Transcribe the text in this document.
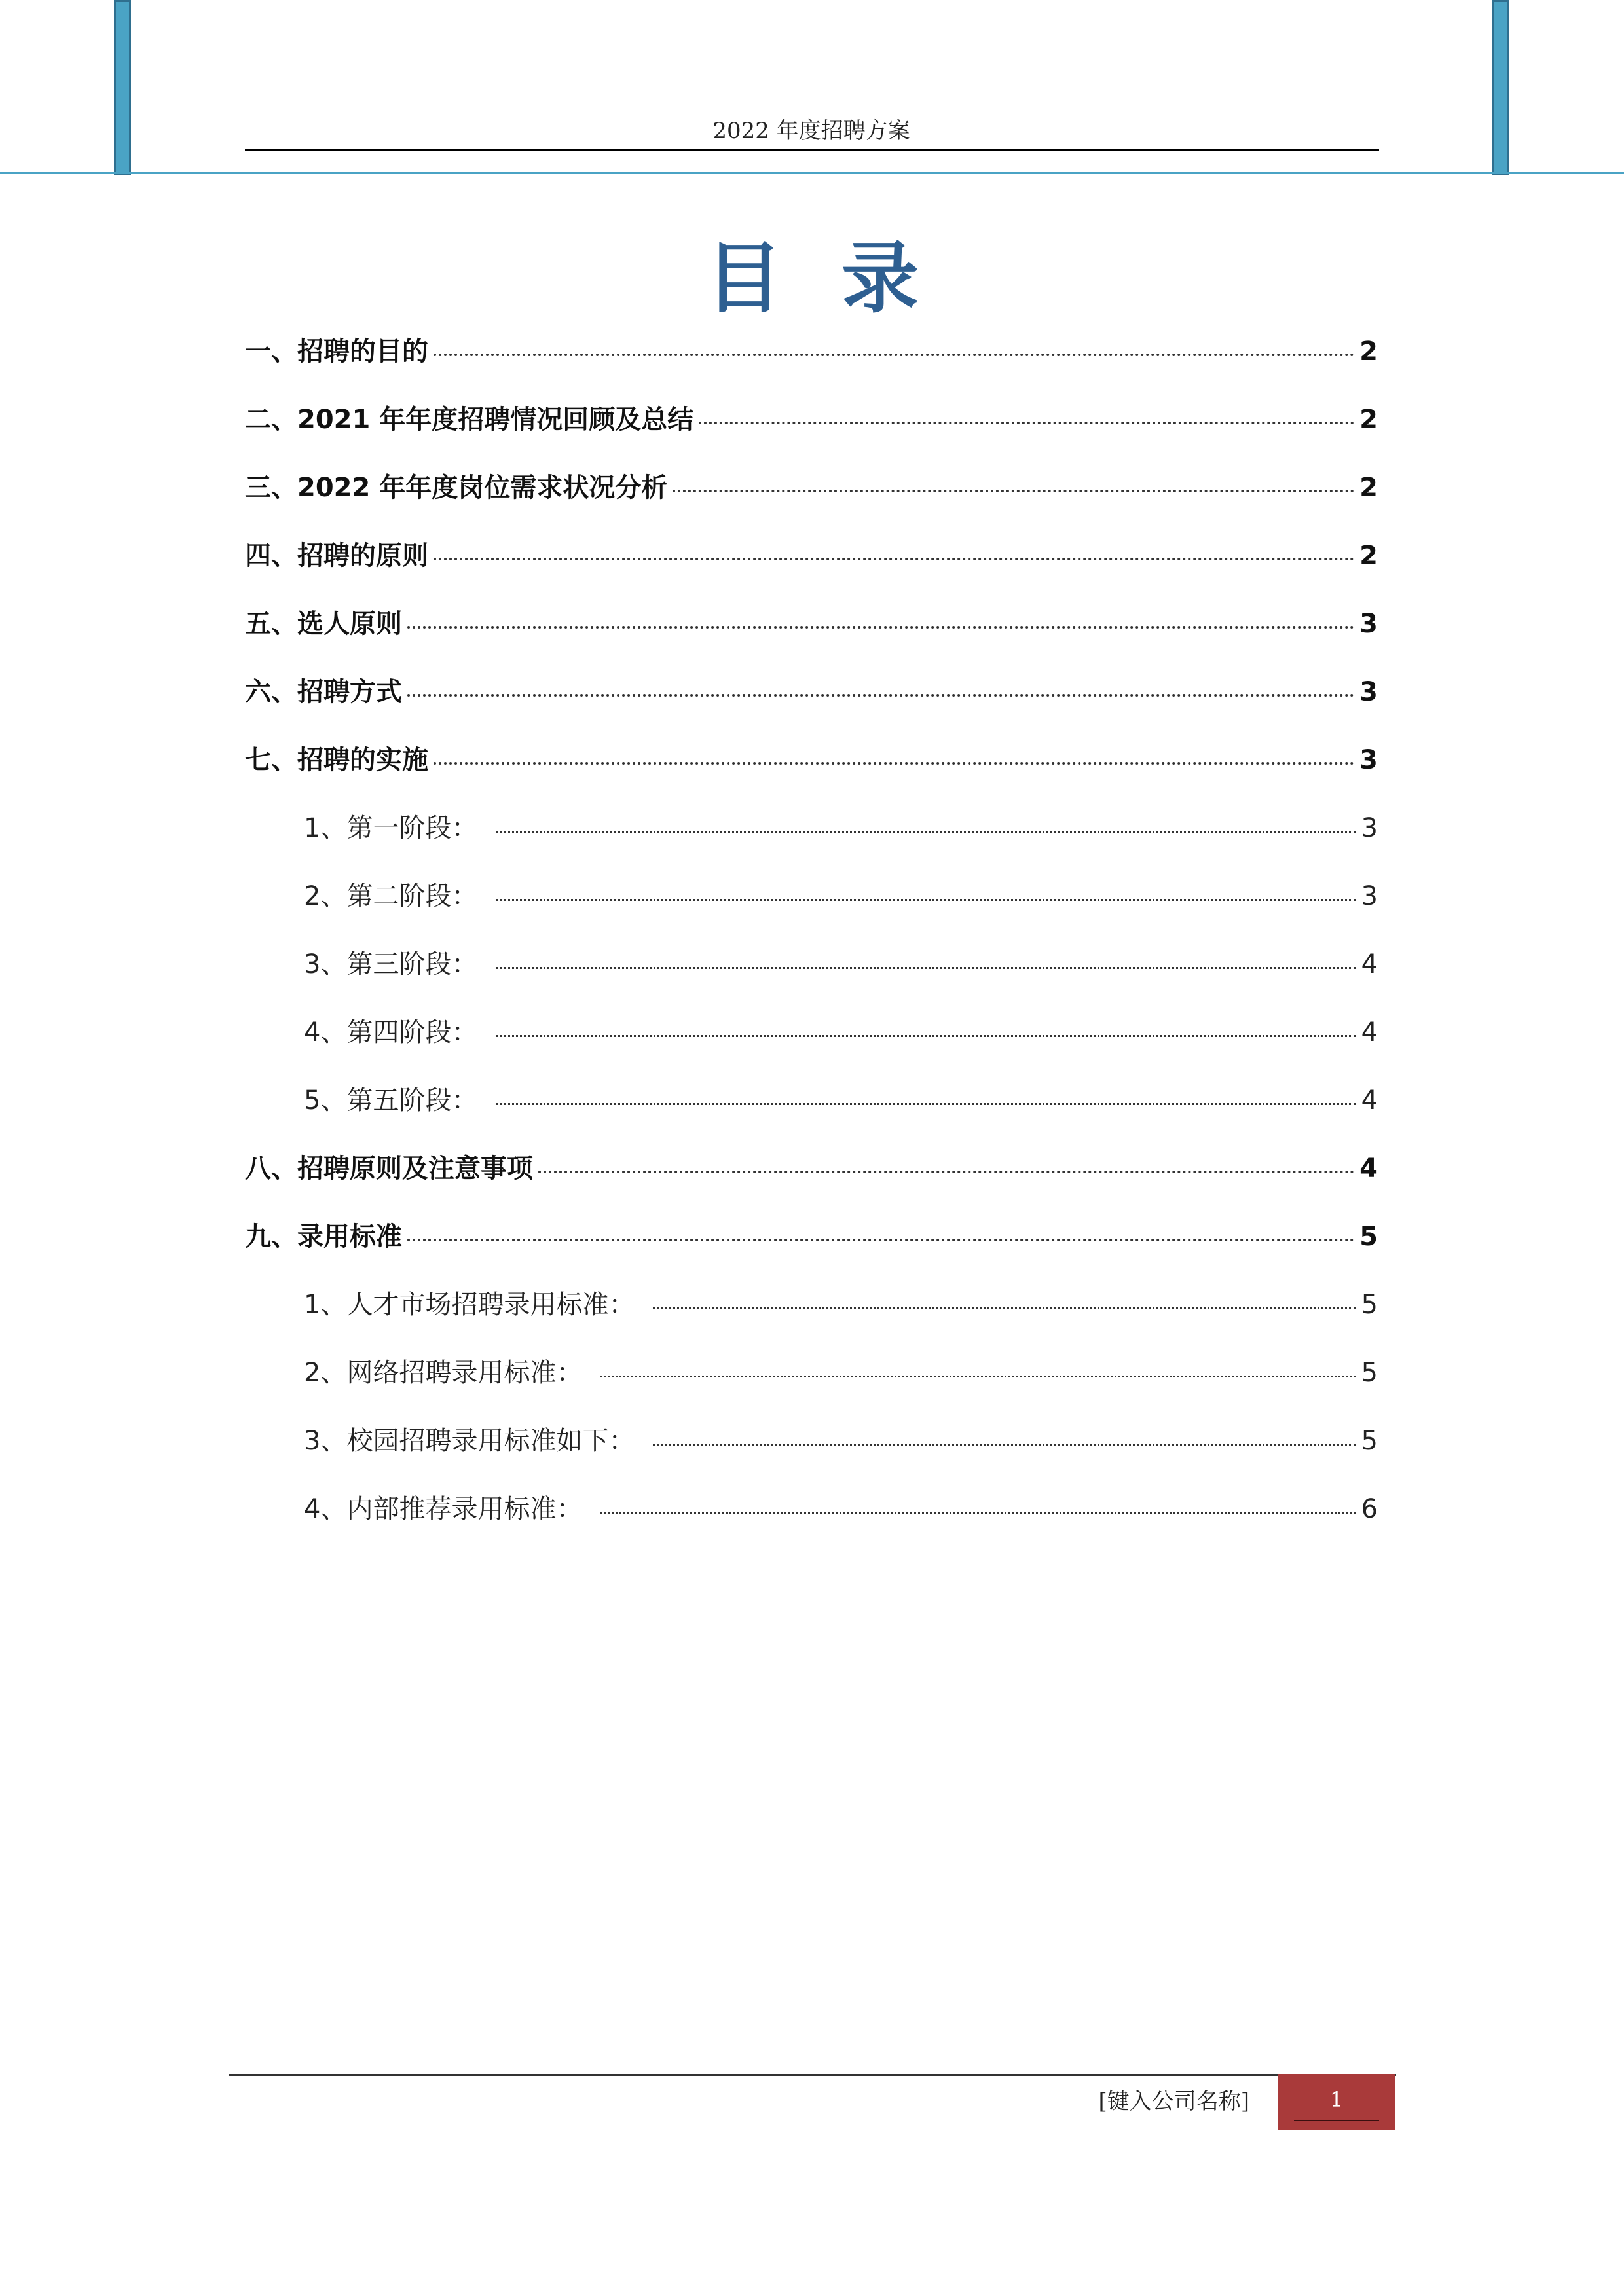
2022 年度招聘方案
目录
一、招聘的目的	2
二、2021 年年度招聘情况回顾及总结	2
三、2022 年年度岗位需求状况分析	2
四、招聘的原则	2
五、选人原则	3
六、招聘方式	3
七、招聘的实施	3
1、第一阶段：	3
2、第二阶段：	3
3、第三阶段：	4
4、第四阶段：	4
5、第五阶段：	4
八、招聘原则及注意事项	4
九、录用标准	5
1、人才市场招聘录用标准：	5
2、网络招聘录用标准：	5
3、校园招聘录用标准如下：	5
4、内部推荐录用标准：	6
[键入公司名称]	1
